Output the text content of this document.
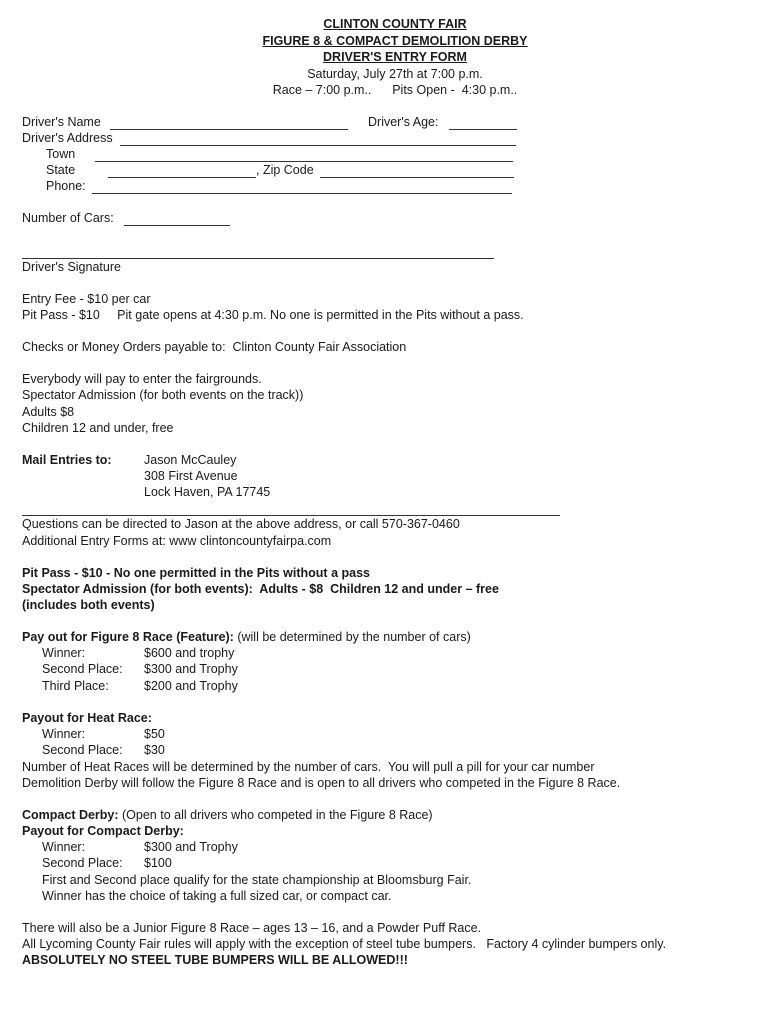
CLINTON COUNTY FAIR
FIGURE 8 & COMPACT DEMOLITION DERBY
DRIVER'S ENTRY FORM
Saturday, July 27th at 7:00 p.m.
Race – 7:00 p.m..      Pits Open -  4:30 p.m..
Driver's Name	Driver's Age:
Driver's Address
Town
State	, Zip Code
Phone:
Number of Cars:
Driver's Signature
Entry Fee - $10 per car
Pit Pass - $10     Pit gate opens at 4:30 p.m. No one is permitted in the Pits without a pass.
Checks or Money Orders payable to:  Clinton County Fair Association
Everybody will pay to enter the fairgrounds.
Spectator Admission (for both events on the track))
Adults $8
Children 12 and under, free
Mail Entries to:	Jason McCauley
308 First Avenue
Lock Haven, PA 17745
Questions can be directed to Jason at the above address, or call 570-367-0460
Additional Entry Forms at: www clintoncountyfairpa.com
Pit Pass - $10 - No one permitted in the Pits without a pass
Spectator Admission (for both events):  Adults - $8  Children 12 and under – free
(includes both events)
Pay out for Figure 8 Race (Feature): (will be determined by the number of cars)
Winner:	$600 and trophy
Second Place: $300 and Trophy
Third Place:	$200 and Trophy
Payout for Heat Race:
Winner:	$50
Second Place: $30
Number of Heat Races will be determined by the number of cars.  You will pull a pill for your car number
Demolition Derby will follow the Figure 8 Race and is open to all drivers who competed in the Figure 8 Race.
Compact Derby: (Open to all drivers who competed in the Figure 8 Race)
Payout for Compact Derby:
Winner:	$300 and Trophy
Second Place: $100
First and Second place qualify for the state championship at Bloomsburg Fair.
Winner has the choice of taking a full sized car, or compact car.
There will also be a Junior Figure 8 Race – ages 13 – 16, and a Powder Puff Race.
All Lycoming County Fair rules will apply with the exception of steel tube bumpers.   Factory 4 cylinder bumpers only.
ABSOLUTELY NO STEEL TUBE BUMPERS WILL BE ALLOWED!!!
